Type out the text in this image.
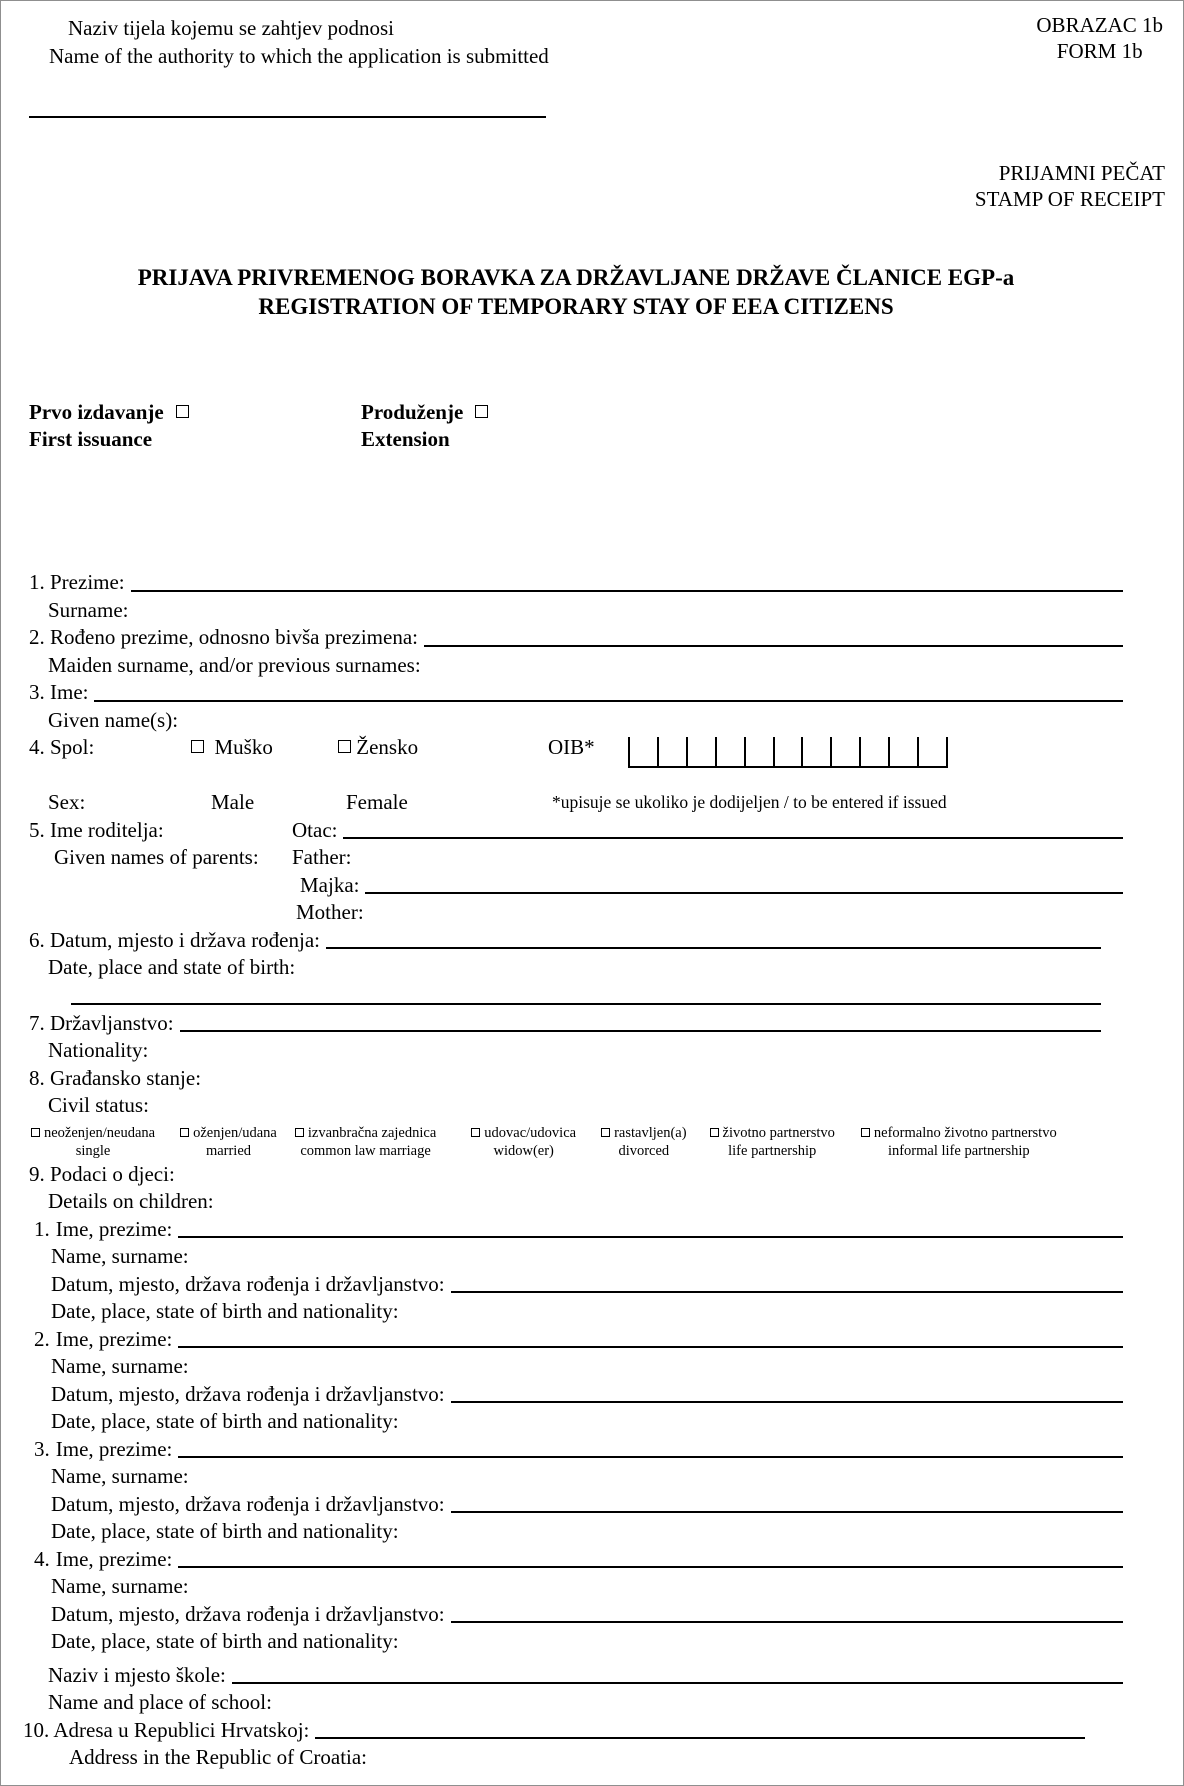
Naziv tijela kojemu se zahtjev podnosi
Name of the authority to which the application is submitted
OBRAZAC 1b
FORM 1b
PRIJAMNI PEČAT
STAMP OF RECEIPT
PRIJAVA PRIVREMENOG BORAVKA ZA DRŽAVLJANE DRŽAVE ČLANICE EGP-a
REGISTRATION OF TEMPORARY STAY OF EEA CITIZENS
Prvo izdavanje
First issuance
Produženje
Extension
1. Prezime:
Surname:
2. Rođeno prezime, odnosno bivša prezimena:
Maiden surname, and/or previous surnames:
3. Ime:
Given name(s):
4. Spol:	Muško	Žensko	OIB*
Sex:	Male	Female	*upisuje se ukoliko je dodijeljen / to be entered if issued
5. Ime roditelja:	Otac:
Given names of parents:	Father:
Majka:
Mother:
6. Datum, mjesto i država rođenja:
Date, place and state of birth:
7. Državljanstvo:
Nationality:
8. Građansko stanje:
Civil status:
neoženjen/neudana
single
oženjen/udana
married
izvanbračna zajednica
common law marriage
udovac/udovica
widow(er)
rastavljen(a)
divorced
životno partnerstvo
life partnership
neformalno životno partnerstvo
informal life partnership
9. Podaci o djeci:
Details on children:
1. Ime, prezime:
Name, surname:
Datum, mjesto, država rođenja i državljanstvo:
Date, place, state of birth and nationality:
2. Ime, prezime:
Name, surname:
Datum, mjesto, država rođenja i državljanstvo:
Date, place, state of birth and nationality:
3. Ime, prezime:
Name, surname:
Datum, mjesto, država rođenja i državljanstvo:
Date, place, state of birth and nationality:
4. Ime, prezime:
Name, surname:
Datum, mjesto, država rođenja i državljanstvo:
Date, place, state of birth and nationality:
Naziv i mjesto škole:
Name and place of school:
10. Adresa u Republici Hrvatskoj:
Address in the Republic of Croatia:
